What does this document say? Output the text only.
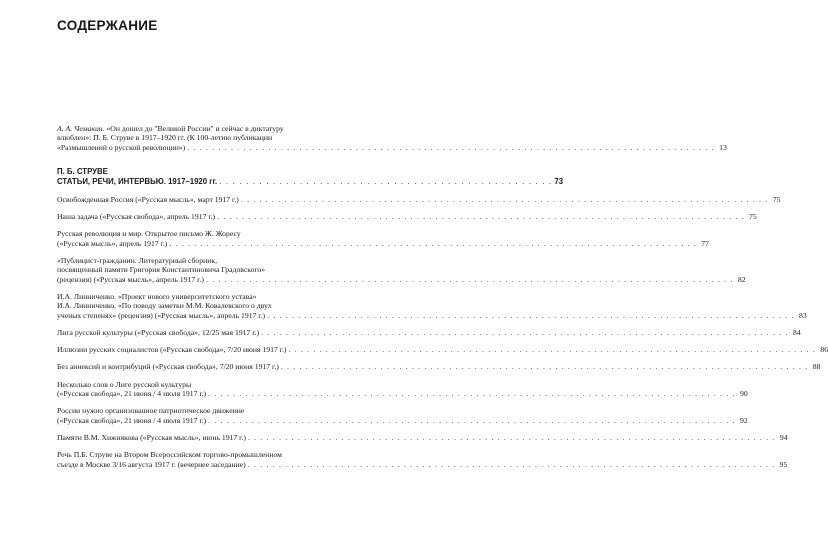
СОДЕРЖАНИЕ
А. А. Чемакин. «Он дошел до "Великой России" и сейчас в диктатуру
влюблен»: П. Б. Струве в 1917–1920 гг. (К 100-летию публикации
«Размышлений о русской революции») . . .	13
П. Б. СТРУВЕ
СТАТЬИ, РЕЧИ, ИНТЕРВЬЮ. 1917–1920 гг. . . . . . . . . . . . . . . . . . . . . . . . . . . . . . . . . . . . . . . . . . . . . . . . . . . 73
Освобожденная Россия («Русская мысль», март 1917 г.) . . .	75
Наша задача («Русская свобода», апрель 1917 г.) . . .	75
Русская революция и мир. Открытое письмо Ж. Жоресу
(«Русская мысль», апрель 1917 г.) . . .	77
«Публицист-гражданин. Литературный сборник,
посвященный памяти Григория Константиновича Градовского»
(рецензия) («Русская мысль», апрель 1917 г.) . . .	82
И.А. Линниченко. «Проект нового университетского устава»
И.А. Линниченко. «По поводу заметки М.М. Ковалевского о двух
ученых степенях» (рецензия) («Русская мысль», апрель 1917 г.) . . .	83
Лига русской культуры («Русская свобода», 12/25 мая 1917 г.) . . .	84
Иллюзии русских социалистов («Русская свобода», 7/20 июня 1917 г.) . . .	86
Без аннексий и контрибуций («Русская свобода», 7/20 июня 1917 г.) . . .	88
Несколько слов о Лиге русской культуры
(«Русская свобода», 21 июня / 4 июля 1917 г.) . . .	90
России нужно организованное патриотическое движение
(«Русская свобода», 21 июня / 4 июля 1917 г.) . . .	92
Памяти В.М. Хижнякова («Русская мысль», июнь 1917 г.) . . .	94
Речь П.Б. Струве на Втором Всероссийском торгово-промышленном
съезде в Москве 3/16 августа 1917 г. (вечернее заседание) . . .	95
